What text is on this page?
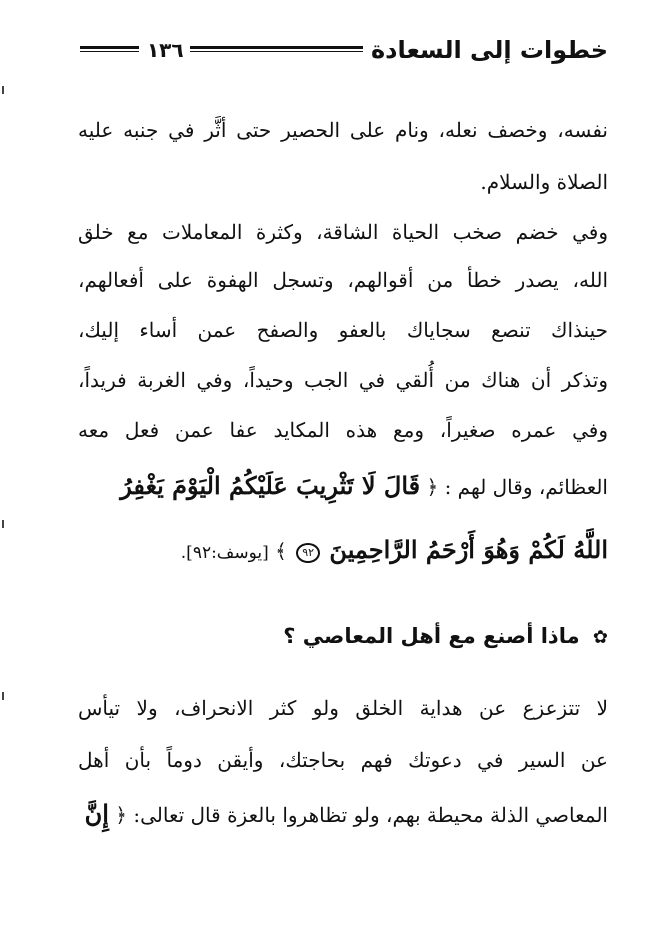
خطوات إلى السعادة
١٣٦
نفسه، وخصف نعله، ونام على الحصير حتى أثَّر في جنبه عليه
الصلاة والسلام.
وفي خضم صخب الحياة الشاقة، وكثرة المعاملات مع خلق
الله، يصدر خطأ من أقوالهم، وتسجل الهفوة على أفعالهم،
حينذاك تنصع سجاياك بالعفو والصفح عمن أساء إليك،
وتذكر أن هناك من أُلقي في الجب وحيداً، وفي الغربة فريداً،
وفي عمره صغيراً، ومع هذه المكايد عفا عمن فعل معه
العظائم، وقال لهم : ﴿ قَالَ لَا تَثْرِيبَ عَلَيْكُمُ الْيَوْمَ يَغْفِرُ
اللَّهُ لَكُمْ وَهُوَ أَرْحَمُ الرَّاحِمِينَ ٩٢ ﴾ [يوسف:٩٢].
✿ ماذا أصنع مع أهل المعاصي ؟
لا تتزعزع عن هداية الخلق ولو كثر الانحراف، ولا تيأس
عن السير في دعوتك فهم بحاجتك، وأيقن دوماً بأن أهل
المعاصي الذلة محيطة بهم، ولو تظاهروا بالعزة قال تعالى: ﴿ إِنَّ
